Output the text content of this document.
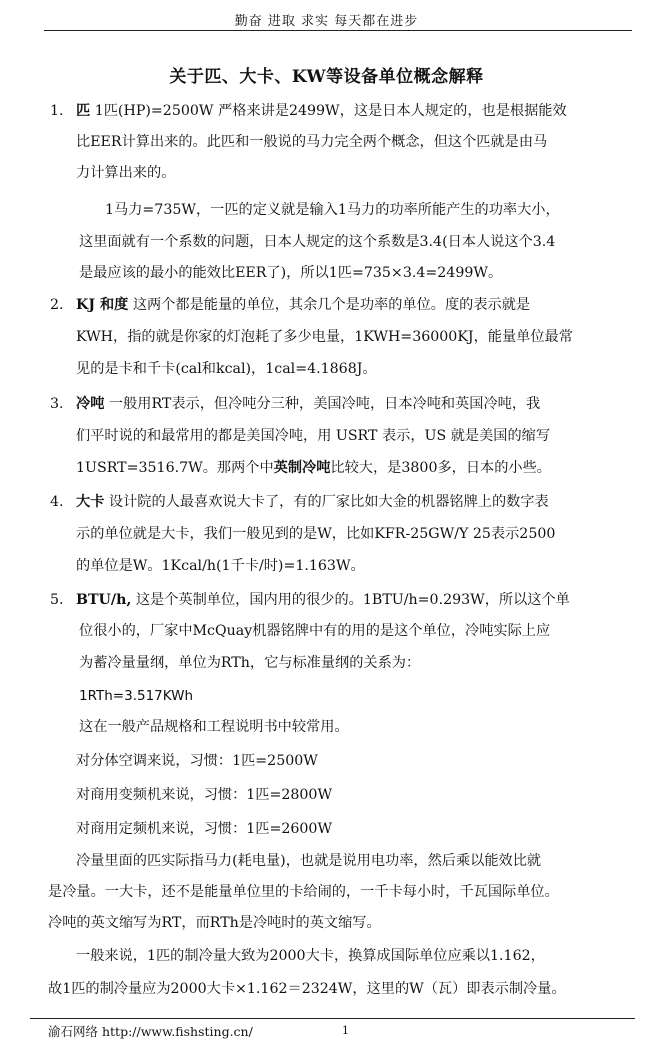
勤奋 进取 求实 每天都在进步
关于匹、大卡、KW等设备单位概念解释
1. 匹 1匹(HP)=2500W 严格来讲是2499W，这是日本人规定的，也是根据能效
比EER计算出来的。此匹和一般说的马力完全两个概念，但这个匹就是由马
力计算出来的。
1马力=735W，一匹的定义就是输入1马力的功率所能产生的功率大小，
这里面就有一个系数的问题，日本人规定的这个系数是3.4(日本人说这个3.4
是最应该的最小的能效比EER了)，所以1匹=735×3.4=2499W。
2. KJ 和度 这两个都是能量的单位，其余几个是功率的单位。度的表示就是
KWH，指的就是你家的灯泡耗了多少电量，1KWH=36000KJ，能量单位最常
见的是卡和千卡(cal和kcal)，1cal=4.1868J。
3. 冷吨 一般用RT表示，但冷吨分三种，美国冷吨，日本冷吨和英国冷吨，我
们平时说的和最常用的都是美国冷吨，用 USRT 表示，US 就是美国的缩写
1USRT=3516.7W。那两个中英制冷吨比较大，是3800多，日本的小些。
4. 大卡 设计院的人最喜欢说大卡了，有的厂家比如大金的机器铭牌上的数字表
示的单位就是大卡，我们一般见到的是W，比如KFR-25GW/Y 25表示2500
的单位是W。1Kcal/h(1千卡/时)=1.163W。
5. BTU/h, 这是个英制单位，国内用的很少的。1BTU/h=0.293W，所以这个单
位很小的，厂家中McQuay机器铭牌中有的用的是这个单位，冷吨实际上应
为蓄冷量量纲，单位为RTh，它与标准量纲的关系为：
1RTh=3.517KWh
这在一般产品规格和工程说明书中较常用。
对分体空调来说，习惯：1匹=2500W
对商用变频机来说，习惯：1匹=2800W
对商用定频机来说，习惯：1匹=2600W
冷量里面的匹实际指马力(耗电量)，也就是说用电功率，然后乘以能效比就
是冷量。一大卡，还不是能量单位里的卡给闹的，一千卡每小时，千瓦国际单位。
冷吨的英文缩写为RT，而RTh是冷吨时的英文缩写。
一般来说，1匹的制冷量大致为2000大卡，换算成国际单位应乘以1.162，
故1匹的制冷量应为2000大卡×1.162＝2324W，这里的W（瓦）即表示制冷量。
渝石网络 http://www.fishsting.cn/	1
